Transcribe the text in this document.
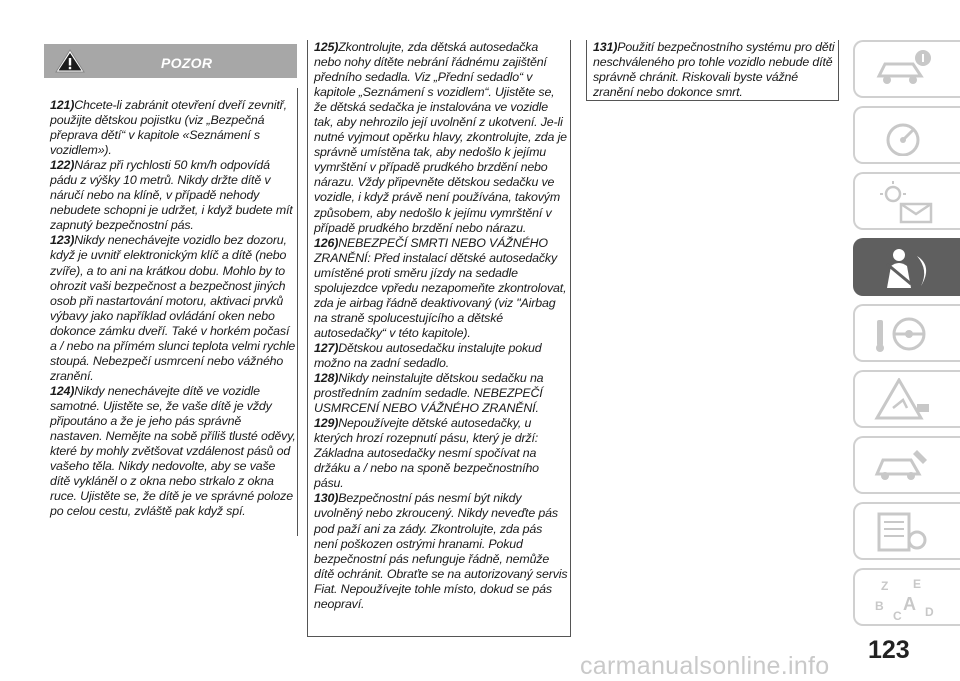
POZOR

121)Chcete-li zabránit otevření dveří zevnitř, použijte dětskou pojistku (viz „Bezpečná přeprava dětí“ v kapitole «Seznámení s vozidlem»).

122)Náraz při rychlosti 50 km/h odpovídá pádu z výšky 10 metrů. Nikdy držte dítě v náručí nebo na klíně, v případě nehody nebudete schopni je udržet, i když budete mít zapnutý bezpečnostní pás.

123)Nikdy nenechávejte vozidlo bez dozoru, když je uvnitř elektronickým klíč a dítě (nebo zvíře), a to ani na krátkou dobu. Mohlo by to ohrozit vaši bezpečnost a bezpečnost jiných osob při nastartování motoru, aktivaci prvků výbavy jako například ovládání oken nebo dokonce zámku dveří. Také v horkém počasí a / nebo na přímém slunci teplota velmi rychle stoupá. Nebezpečí usmrcení nebo vážného zranění.

124)Nikdy nenechávejte dítě ve vozidle samotné. Ujistěte se, že vaše dítě je vždy připoutáno a že je jeho pás správně nastaven. Nemějte na sobě příliš tlusté oděvy, které by mohly zvětšovat vzdálenost pásů od vašeho těla. Nikdy nedovolte, aby se vaše dítě vykláněl o z okna nebo strkalo z okna ruce. Ujistěte se, že dítě je ve správné poloze po celou cestu, zvláště pak když spí.

125)Zkontrolujte, zda dětská autosedačka nebo nohy dítěte nebrání řádnému zajištění předního sedadla. Viz „Přední sedadlo“ v kapitole „Seznámení s vozidlem“. Ujistěte se, že dětská sedačka je instalována ve vozidle tak, aby nehrozilo její uvolnění z ukotvení. Je-li nutné vyjmout opěrku hlavy, zkontrolujte, zda je správně umístěna tak, aby nedošlo k jejímu vymrštění v případě prudkého brzdění nebo nárazu. Vždy připevněte dětskou sedačku ve vozidle, i když právě není používána, takovým způsobem, aby nedošlo k jejímu vymrštění v případě prudkého brzdění nebo nárazu.

126)NEBEZPEČÍ SMRTI NEBO VÁŽNÉHO ZRANĚNÍ: Před instalací dětské autosedačky umístěné proti směru jízdy na sedadle spolujezdce vpředu nezapomeňte zkontrolovat, zda je airbag řádně deaktivovaný (viz "Airbag na straně spolucestujícího a dětské autosedačky“ v této kapitole).

127)Dětskou autosedačku instalujte pokud možno na zadní sedadlo.

128)Nikdy neinstalujte dětskou sedačku na prostředním zadním sedadle. NEBEZPEČÍ USMRCENÍ NEBO VÁŽNÉHO ZRANĚNÍ.

129)Nepoužívejte dětské autosedačky, u kterých hrozí rozepnutí pásu, který je drží: Základna autosedačky nesmí spočívat na držáku a / nebo na sponě bezpečnostního pásu.

130)Bezpečnostní pás nesmí být nikdy uvolněný nebo zkroucený. Nikdy neveďte pás pod paží ani za zády. Zkontrolujte, zda pás není poškozen ostrými hranami. Pokud bezpečnostní pás nefunguje řádně, nemůže dítě ochránit. Obraťte se na autorizovaný servis Fiat. Nepoužívejte tohle místo, dokud se pás neopraví.

131)Použití bezpečnostního systému pro děti neschváleného pro tohle vozidlo nebude dítě správně chránit. Riskovali byste vážné zranění nebo dokonce smrt.

Z E
B
C D
A
123
carmanualsonline.info
